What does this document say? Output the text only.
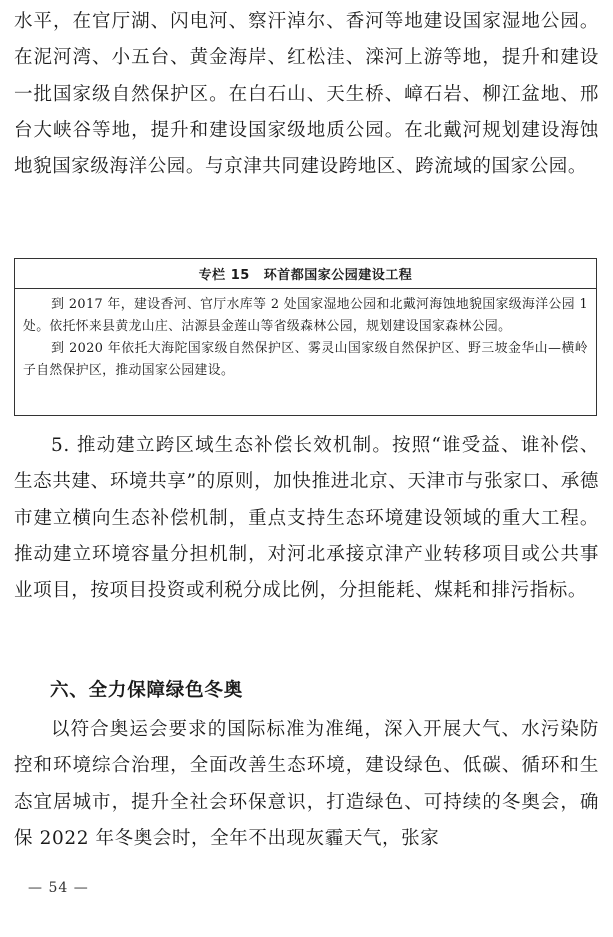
水平，在官厅湖、闪电河、察汗淖尔、香河等地建设国家湿地公园。在泥河湾、小五台、黄金海岸、红松洼、滦河上游等地，提升和建设一批国家级自然保护区。在白石山、天生桥、嶂石岩、柳江盆地、邢台大峡谷等地，提升和建设国家级地质公园。在北戴河规划建设海蚀地貌国家级海洋公园。与京津共同建设跨地区、跨流域的国家公园。

专栏 15 环首都国家公园建设工程

到 2017 年，建设香河、官厅水库等 2 处国家湿地公园和北戴河海蚀地貌国家级海洋公园 1 处。依托怀来县黄龙山庄、沽源县金莲山等省级森林公园，规划建设国家森林公园。

到 2020 年依托大海陀国家级自然保护区、雾灵山国家级自然保护区、野三坡金华山—横岭子自然保护区，推动国家公园建设。

5. 推动建立跨区域生态补偿长效机制。按照“谁受益、谁补偿、生态共建、环境共享”的原则，加快推进北京、天津市与张家口、承德市建立横向生态补偿机制，重点支持生态环境建设领域的重大工程。推动建立环境容量分担机制，对河北承接京津产业转移项目或公共事业项目，按项目投资或利税分成比例，分担能耗、煤耗和排污指标。

六、全力保障绿色冬奥

以符合奥运会要求的国际标准为准绳，深入开展大气、水污染防控和环境综合治理，全面改善生态环境，建设绿色、低碳、循环和生态宜居城市，提升全社会环保意识，打造绿色、可持续的冬奥会，确保 2022 年冬奥会时，全年不出现灰霾天气，张家

— 54 —
